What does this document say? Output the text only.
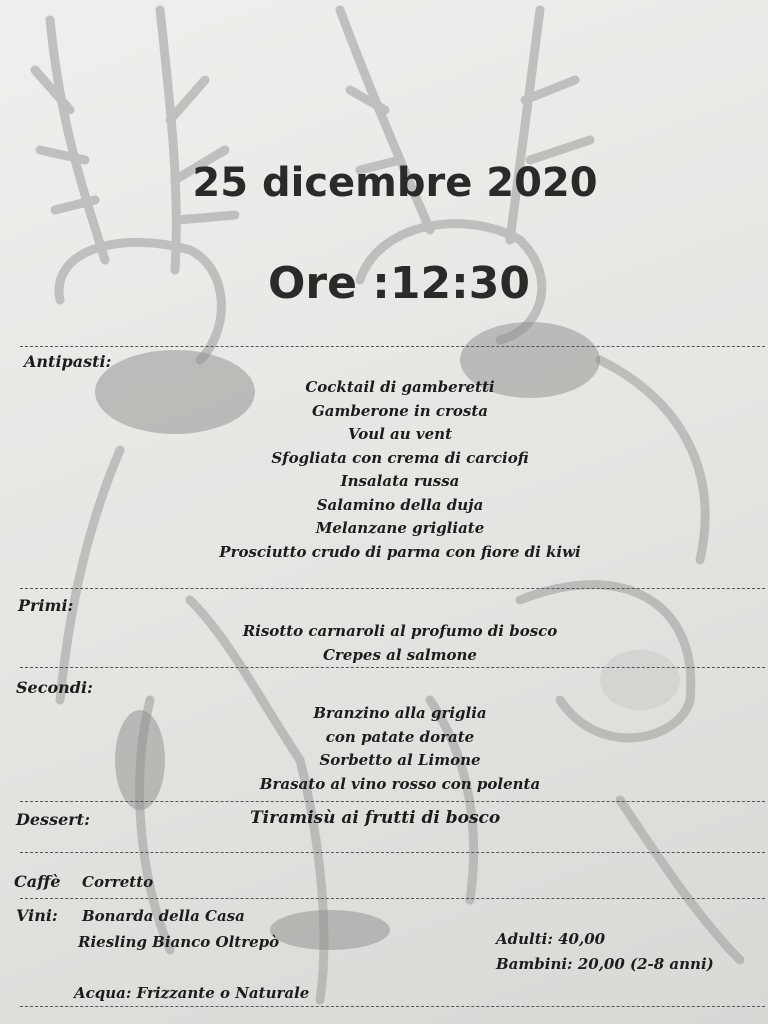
25 dicembre 2020
Ore :12:30
Antipasti:
Cocktail di gamberetti
Gamberone in crosta
Voul au vent
Sfogliata con crema di carciofi
Insalata russa
Salamino della duja
Melanzane grigliate
Prosciutto crudo di parma con fiore di kiwi
Primi:
Risotto carnaroli al profumo di bosco
Crepes al salmone
Secondi:
Branzino alla griglia
con patate dorate
Sorbetto al Limone
Brasato al vino rosso con polenta
Dessert:	Tiramisù ai frutti di bosco
Caffè Corretto
Vini: Bonarda della Casa
Riesling Bianco Oltrepò	Adulti: 40,00
Bambini: 20,00 (2-8 anni)
Acqua: Frizzante o Naturale
